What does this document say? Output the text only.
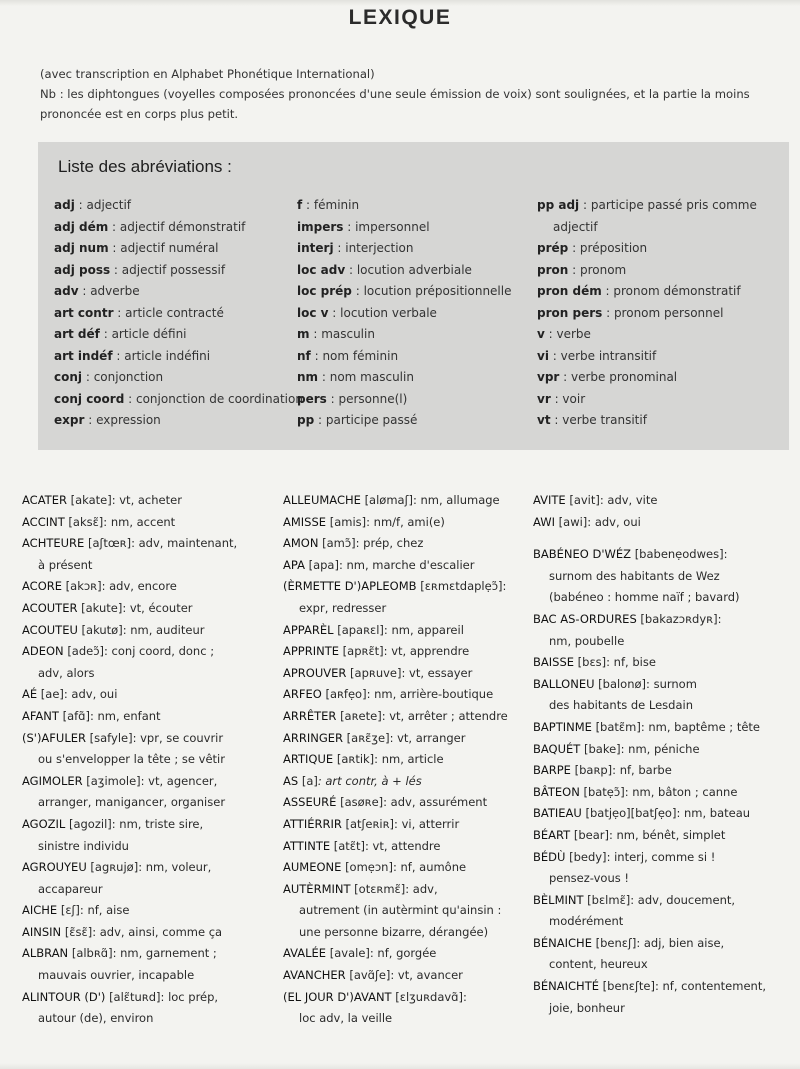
LEXIQUE

(avec transcription en Alphabet Phonétique International)

Nb : les diphtongues (voyelles composées prononcées d'une seule émission de voix) sont soulignées, et la partie la moins prononcée est en corps plus petit.

Liste des abréviations :
adj : adjectif
adj dém : adjectif démonstratif
adj num : adjectif numéral
adj poss : adjectif possessif
adv : adverbe
art contr : article contracté
art déf : article défini
art indéf : article indéfini
conj : conjonction
conj coord : conjonction de coordination
expr : expression
f : féminin
impers : impersonnel
interj : interjection
loc adv : locution adverbiale
loc prép : locution prépositionnelle
loc v : locution verbale
m : masculin
nf : nom féminin
nm : nom masculin
pers : personne(l)
pp : participe passé
pp adj : participe passé pris comme
adjectif
prép : préposition
pron : pronom
pron dém : pronom démonstratif
pron pers : pronom personnel
v : verbe
vi : verbe intransitif
vpr : verbe pronominal
vr : voir
vt : verbe transitif
ACATER [akate]: vt, acheter
ACCINT [aksɛ̃]: nm, accent
ACHTEURE [aʃtœʀ]: adv, maintenant,
à présent
ACORE [akɔʀ]: adv, encore
ACOUTER [akute]: vt, écouter
ACOUTEU [akutø]: nm, auditeur
ADEON [adeɔ̃]: conj coord, donc ;
adv, alors
AÉ [ae]: adv, oui
AFANT [afɑ̃]: nm, enfant
(S')AFULER [safyle]: vpr, se couvrir
ou s'envelopper la tête ; se vêtir
AGIMOLER [aʒimole]: vt, agencer,
arranger, manigancer, organiser
AGOZIL [agozil]: nm, triste sire,
sinistre individu
AGROUYEU [agʀujø]: nm, voleur,
accapareur
AICHE [ɛʃ]: nf, aise
AINSIN [ɛ̃sɛ̃]: adv, ainsi, comme ça
ALBRAN [albʀɑ̃]: nm, garnement ;
mauvais ouvrier, incapable
ALINTOUR (D') [alɛ̃tuʀd]: loc prép,
autour (de), environ
ALLEUMACHE [alømaʃ]: nm, allumage
AMISSE [amis]: nm/f, ami(e)
AMON [amɔ̃]: prép, chez
APA [apa]: nm, marche d'escalier
(ÈRMETTE D')APLEOMB [ɛʀmɛtdaplẹɔ̃]:
expr, redresser
APPARÈL [apaʀɛl]: nm, appareil
APPRINTE [apʀɛ̃t]: vt, apprendre
APROUVER [apʀuve]: vt, essayer
ARFEO [aʀfẹo]: nm, arrière-boutique
ARRÊTER [aʀete]: vt, arrêter ; attendre
ARRINGER [aʀɛ̃ʒe]: vt, arranger
ARTIQUE [aʀtik]: nm, article
AS [a]: art contr, à + lés
ASSEURÉ [asøʀe]: adv, assurément
ATTIÉRRIR [atʃeʀiʀ]: vi, atterrir
ATTINTE [atɛ̃t]: vt, attendre
AUMEONE [omẹɔn]: nf, aumône
AUTÈRMINT [otɛʀmɛ̃]: adv,
autrement (in autèrmint qu'ainsin :
une personne bizarre, dérangée)
AVALÉE [avale]: nf, gorgée
AVANCHER [avɑ̃ʃe]: vt, avancer
(EL JOUR D')AVANT [ɛlʒuʀdavɑ̃]:
loc adv, la veille
AVITE [avit]: adv, vite
AWI [awi]: adv, oui
BABÉNEO D'WÉZ [babenẹodwes]:
surnom des habitants de Wez
(babéneo : homme naïf ; bavard)
BAC AS-ORDURES [bakazɔʀdyʀ]:
nm, poubelle
BAISSE [bɛs]: nf, bise
BALLONEU [balonø]: surnom
des habitants de Lesdain
BAPTINME [batɛ̃m]: nm, baptême ; tête
BAQUÉT [bake]: nm, péniche
BARPE [baʀp]: nf, barbe
BÂTEON [batẹɔ̃]: nm, bâton ; canne
BATIEAU [batjẹo][batʃẹo]: nm, bateau
BÉART [bear]: nm, bénêt, simplet
BÉDÙ [bedy]: interj, comme si !
pensez-vous !
BÈLMINT [bɛlmɛ̃]: adv, doucement,
modérément
BÉNAICHE [benɛʃ]: adj, bien aise,
content, heureux
BÉNAICHTÉ [benɛʃte]: nf, contentement,
joie, bonheur
